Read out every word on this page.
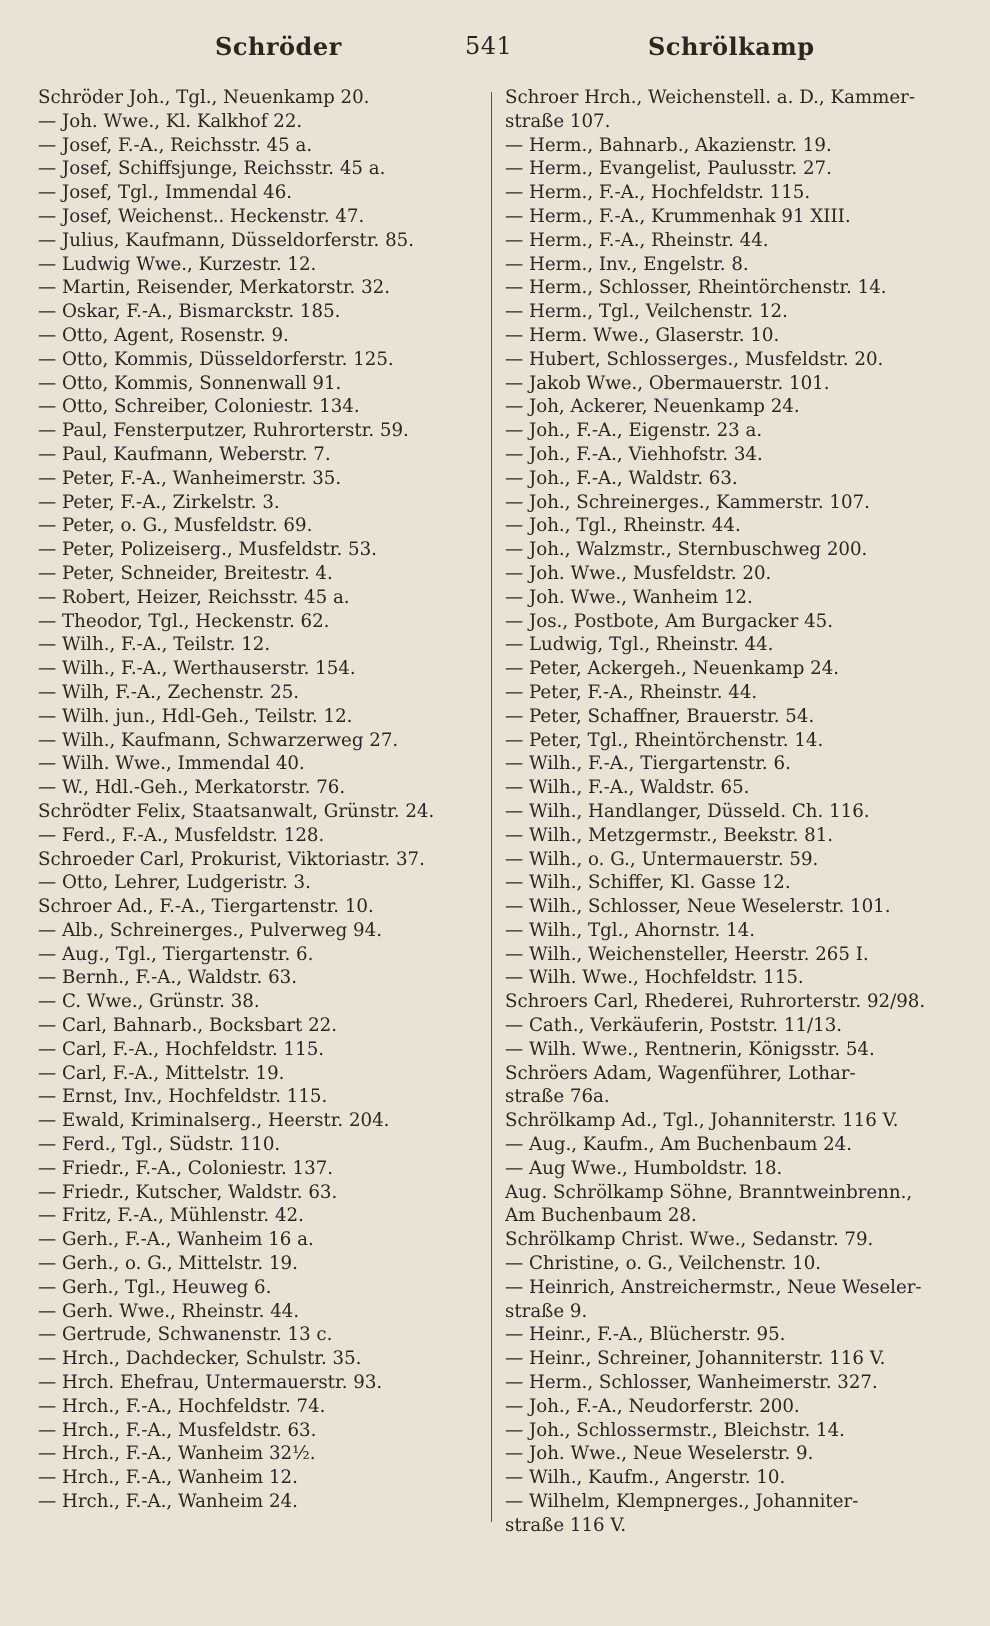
Schröder	541	Schrölkamp
Schröder Joh., Tgl., Neuenkamp 20.
— Joh. Wwe., Kl. Kalkhof 22.
— Josef, F.-A., Reichsstr. 45 a.
— Josef, Schiffsjunge, Reichsstr. 45 a.
— Josef, Tgl., Immendal 46.
— Josef, Weichenst.. Heckenstr. 47.
— Julius, Kaufmann, Düsseldorferstr. 85.
— Ludwig Wwe., Kurzestr. 12.
— Martin, Reisender, Merkatorstr. 32.
— Oskar, F.-A., Bismarckstr. 185.
— Otto, Agent, Rosenstr. 9.
— Otto, Kommis, Düsseldorferstr. 125.
— Otto, Kommis, Sonnenwall 91.
— Otto, Schreiber, Coloniestr. 134.
— Paul, Fensterputzer, Ruhrorterstr. 59.
— Paul, Kaufmann, Weberstr. 7.
— Peter, F.-A., Wanheimerstr. 35.
— Peter, F.-A., Zirkelstr. 3.
— Peter, o. G., Musfeldstr. 69.
— Peter, Polizeiserg., Musfeldstr. 53.
— Peter, Schneider, Breitestr. 4.
— Robert, Heizer, Reichsstr. 45 a.
— Theodor, Tgl., Heckenstr. 62.
— Wilh., F.-A., Teilstr. 12.
— Wilh., F.-A., Werthauserstr. 154.
— Wilh, F.-A., Zechenstr. 25.
— Wilh. jun., Hdl-Geh., Teilstr. 12.
— Wilh., Kaufmann, Schwarzerweg 27.
— Wilh. Wwe., Immendal 40.
— W., Hdl.-Geh., Merkatorstr. 76.
Schrödter Felix, Staatsanwalt, Grünstr. 24.
— Ferd., F.-A., Musfeldstr. 128.
Schroeder Carl, Prokurist, Viktoriastr. 37.
— Otto, Lehrer, Ludgeristr. 3.
Schroer Ad., F.-A., Tiergartenstr. 10.
— Alb., Schreinerges., Pulverweg 94.
— Aug., Tgl., Tiergartenstr. 6.
— Bernh., F.-A., Waldstr. 63.
— C. Wwe., Grünstr. 38.
— Carl, Bahnarb., Bocksbart 22.
— Carl, F.-A., Hochfeldstr. 115.
— Carl, F.-A., Mittelstr. 19.
— Ernst, Inv., Hochfeldstr. 115.
— Ewald, Kriminalserg., Heerstr. 204.
— Ferd., Tgl., Südstr. 110.
— Friedr., F.-A., Coloniestr. 137.
— Friedr., Kutscher, Waldstr. 63.
— Fritz, F.-A., Mühlenstr. 42.
— Gerh., F.-A., Wanheim 16 a.
— Gerh., o. G., Mittelstr. 19.
— Gerh., Tgl., Heuweg 6.
— Gerh. Wwe., Rheinstr. 44.
— Gertrude, Schwanenstr. 13 c.
— Hrch., Dachdecker, Schulstr. 35.
— Hrch. Ehefrau, Untermauerstr. 93.
— Hrch., F.-A., Hochfeldstr. 74.
— Hrch., F.-A., Musfeldstr. 63.
— Hrch., F.-A., Wanheim 32½.
— Hrch., F.-A., Wanheim 12.
— Hrch., F.-A., Wanheim 24.
Schroer Hrch., Weichenstell. a. D., Kammer-
straße 107.
— Herm., Bahnarb., Akazienstr. 19.
— Herm., Evangelist, Paulusstr. 27.
— Herm., F.-A., Hochfeldstr. 115.
— Herm., F.-A., Krummenhak 91 XIII.
— Herm., F.-A., Rheinstr. 44.
— Herm., Inv., Engelstr. 8.
— Herm., Schlosser, Rheintörchenstr. 14.
— Herm., Tgl., Veilchenstr. 12.
— Herm. Wwe., Glaserstr. 10.
— Hubert, Schlosserges., Musfeldstr. 20.
— Jakob Wwe., Obermauerstr. 101.
— Joh, Ackerer, Neuenkamp 24.
— Joh., F.-A., Eigenstr. 23 a.
— Joh., F.-A., Viehhofstr. 34.
— Joh., F.-A., Waldstr. 63.
— Joh., Schreinerges., Kammerstr. 107.
— Joh., Tgl., Rheinstr. 44.
— Joh., Walzmstr., Sternbuschweg 200.
— Joh. Wwe., Musfeldstr. 20.
— Joh. Wwe., Wanheim 12.
— Jos., Postbote, Am Burgacker 45.
— Ludwig, Tgl., Rheinstr. 44.
— Peter, Ackergeh., Neuenkamp 24.
— Peter, F.-A., Rheinstr. 44.
— Peter, Schaffner, Brauerstr. 54.
— Peter, Tgl., Rheintörchenstr. 14.
— Wilh., F.-A., Tiergartenstr. 6.
— Wilh., F.-A., Waldstr. 65.
— Wilh., Handlanger, Düsseld. Ch. 116.
— Wilh., Metzgermstr., Beekstr. 81.
— Wilh., o. G., Untermauerstr. 59.
— Wilh., Schiffer, Kl. Gasse 12.
— Wilh., Schlosser, Neue Weselerstr. 101.
— Wilh., Tgl., Ahornstr. 14.
— Wilh., Weichensteller, Heerstr. 265 I.
— Wilh. Wwe., Hochfeldstr. 115.
Schroers Carl, Rhederei, Ruhrorterstr. 92/98.
— Cath., Verkäuferin, Poststr. 11/13.
— Wilh. Wwe., Rentnerin, Königsstr. 54.
Schröers Adam, Wagenführer, Lothar-
straße 76a.
Schrölkamp Ad., Tgl., Johanniterstr. 116 V.
— Aug., Kaufm., Am Buchenbaum 24.
— Aug Wwe., Humboldstr. 18.
Aug. Schrölkamp Söhne, Branntweinbrenn.,
Am Buchenbaum 28.
Schrölkamp Christ. Wwe., Sedanstr. 79.
— Christine, o. G., Veilchenstr. 10.
— Heinrich, Anstreichermstr., Neue Weseler-
straße 9.
— Heinr., F.-A., Blücherstr. 95.
— Heinr., Schreiner, Johanniterstr. 116 V.
— Herm., Schlosser, Wanheimerstr. 327.
— Joh., F.-A., Neudorferstr. 200.
— Joh., Schlossermstr., Bleichstr. 14.
— Joh. Wwe., Neue Weselerstr. 9.
— Wilh., Kaufm., Angerstr. 10.
— Wilhelm, Klempnerges., Johanniter-
straße 116 V.
